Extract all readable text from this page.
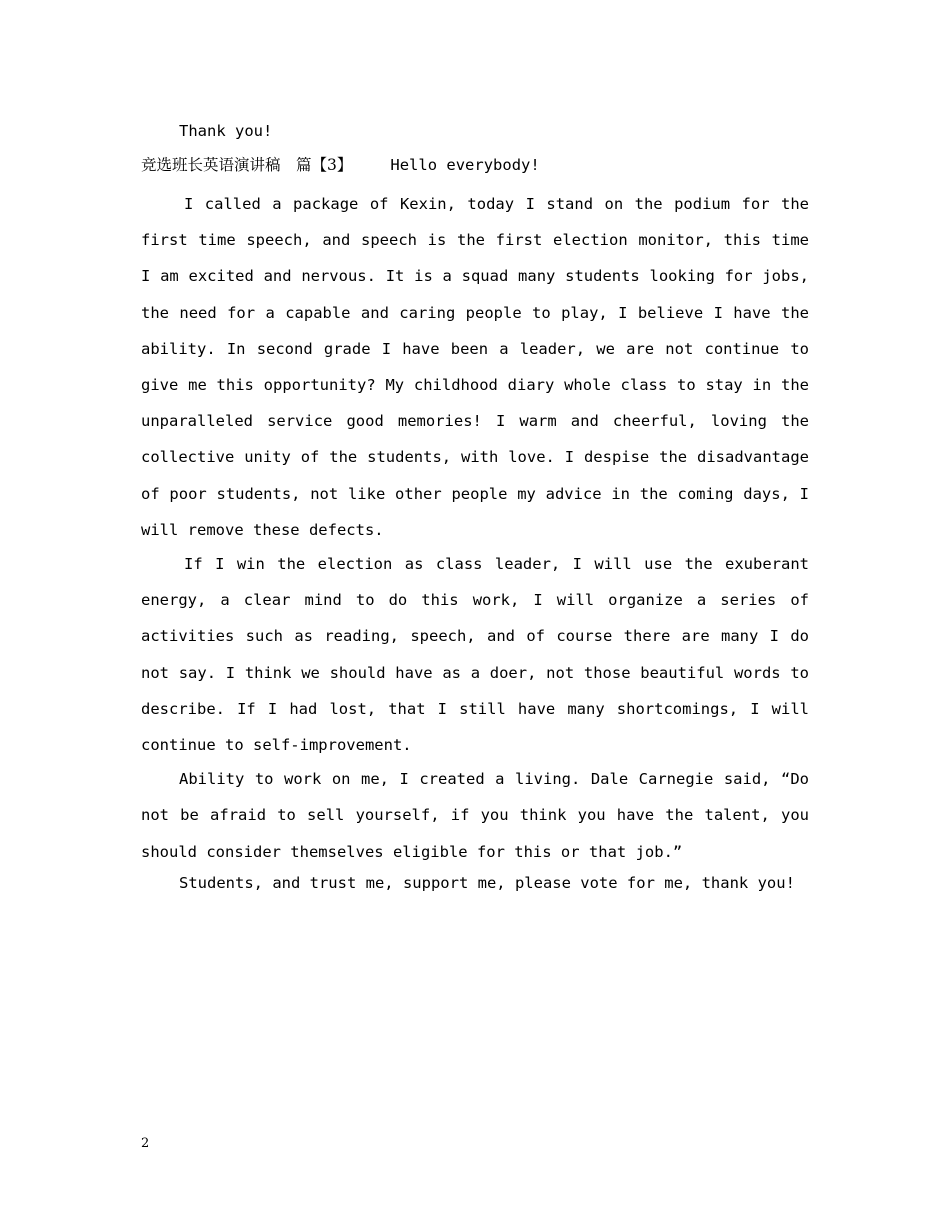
Thank you!

竞选班长英语演讲稿　篇【3】 Hello everybody!

I called a package of Kexin, today I stand on the podium for the first time speech, and speech is the first election monitor, this time I am excited and nervous. It is a squad many students looking for jobs, the need for a capable and caring people to play, I believe I have the ability. In second grade I have been a leader, we are not continue to give me this opportunity? My childhood diary whole class to stay in the unparalleled service good memories! I warm and cheerful, loving the collective unity of the students, with love. I despise the disadvantage of poor students, not like other people my advice in the coming days, I will remove these defects.

If I win the election as class leader, I will use the exuberant energy, a clear mind to do this work, I will organize a series of activities such as reading, speech, and of course there are many I do not say. I think we should have as a doer, not those beautiful words to describe. If I had lost, that I still have many shortcomings, I will continue to self-improvement.

Ability to work on me, I created a living. Dale Carnegie said, “Do not be afraid to sell yourself, if you think you have the talent, you should consider themselves eligible for this or that job.”

Students, and trust me, support me, please vote for me, thank you!

2
